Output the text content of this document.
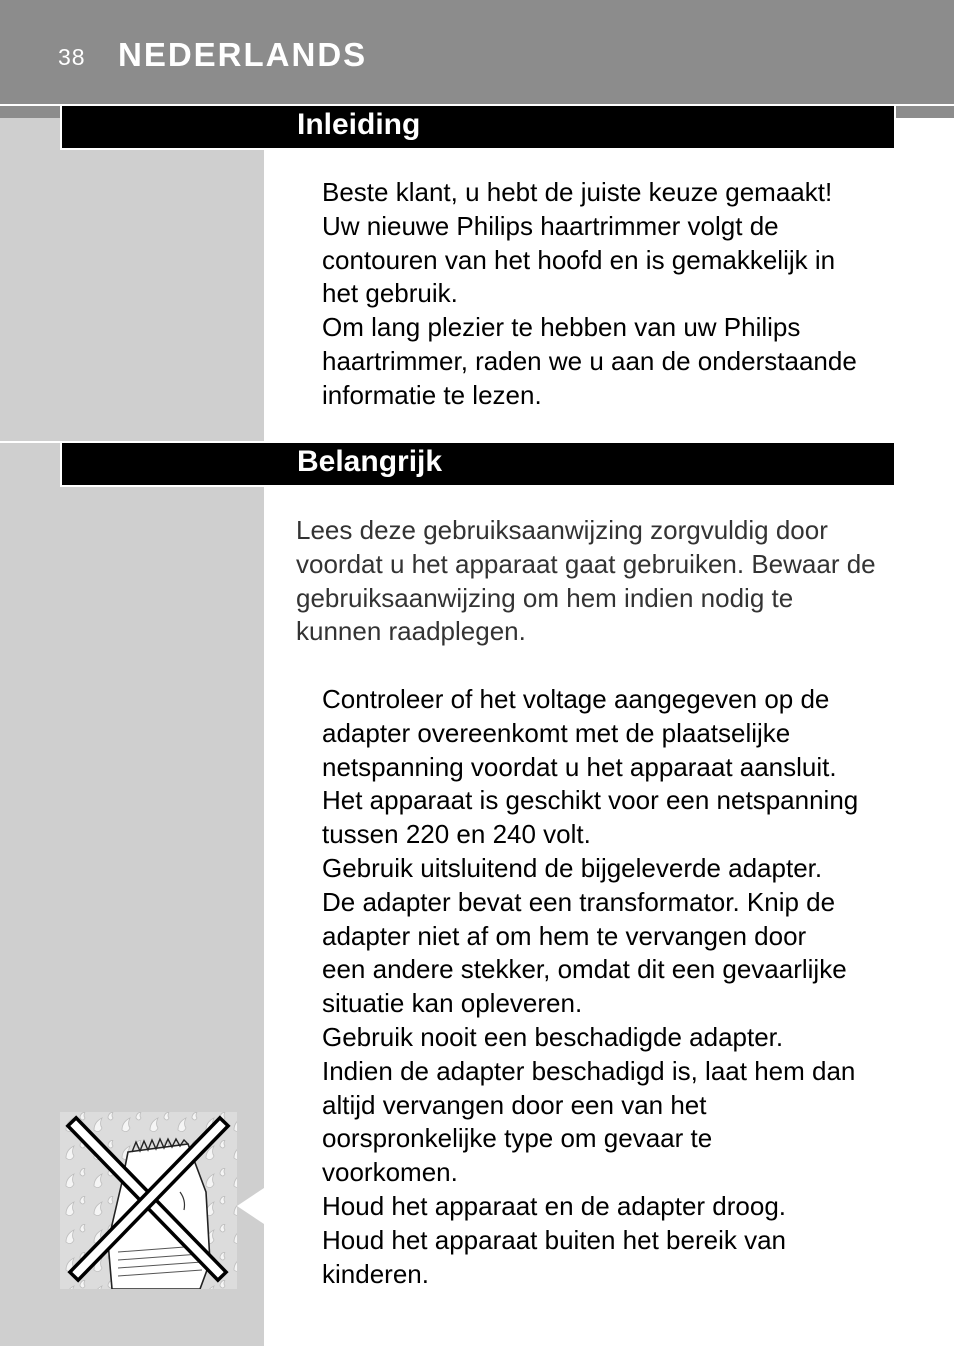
38 NEDERLANDS
Inleiding

Beste klant, u hebt de juiste keuze gemaakt!
Uw nieuwe Philips haartrimmer volgt de
contouren van het hoofd en is gemakkelijk in
het gebruik.
Om lang plezier te hebben van uw Philips
haartrimmer, raden we u aan de onderstaande
informatie te lezen.

Belangrijk

Lees deze gebruiksaanwijzing zorgvuldig door
voordat u het apparaat gaat gebruiken. Bewaar de
gebruiksaanwijzing om hem indien nodig te
kunnen raadplegen.

Controleer of het voltage aangegeven op de
adapter overeenkomt met de plaatselijke
netspanning voordat u het apparaat aansluit.
Het apparaat is geschikt voor een netspanning
tussen 220 en 240 volt.
Gebruik uitsluitend de bijgeleverde adapter.
De adapter bevat een transformator. Knip de
adapter niet af om hem te vervangen door
een andere stekker, omdat dit een gevaarlijke
situatie kan opleveren.
Gebruik nooit een beschadigde adapter.
Indien de adapter beschadigd is, laat hem dan
altijd vervangen door een van het
oorspronkelijke type om gevaar te
voorkomen.
Houd het apparaat en de adapter droog.
Houd het apparaat buiten het bereik van
kinderen.
